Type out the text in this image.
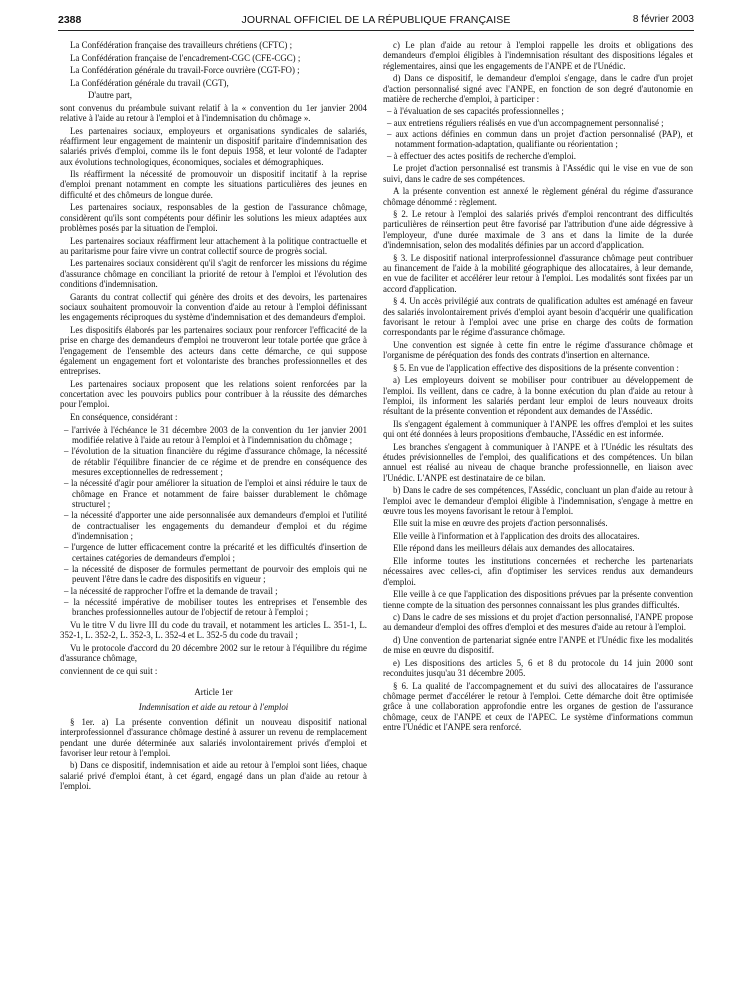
2388	JOURNAL OFFICIEL DE LA RÉPUBLIQUE FRANÇAISE	8 février 2003

La Confédération française des travailleurs chrétiens (CFTC) ;

La Confédération française de l'encadrement-CGC (CFE-CGC) ;

La Confédération générale du travail-Force ouvrière (CGT-FO) ;

La Confédération générale du travail (CGT),

D'autre part,

sont convenus du préambule suivant relatif à la « convention du 1er janvier 2004 relative à l'aide au retour à l'emploi et à l'indemnisation du chômage ».

Les partenaires sociaux, employeurs et organisations syndicales de salariés, réaffirment leur engagement de maintenir un dispositif paritaire d'indemnisation des salariés privés d'emploi, comme ils le font depuis 1958, et leur volonté de l'adapter aux évolutions technologiques, économiques, sociales et démographiques.

Ils réaffirment la nécessité de promouvoir un dispositif incitatif à la reprise d'emploi prenant notamment en compte les situations particulières des jeunes en difficulté et des chômeurs de longue durée.

Les partenaires sociaux, responsables de la gestion de l'assurance chômage, considèrent qu'ils sont compétents pour définir les solutions les mieux adaptées aux problèmes posés par la situation de l'emploi.

Les partenaires sociaux réaffirment leur attachement à la politique contractuelle et au paritarisme pour faire vivre un contrat collectif source de progrès social.

Les partenaires sociaux considèrent qu'il s'agit de renforcer les missions du régime d'assurance chômage en conciliant la priorité de retour à l'emploi et l'évolution des conditions d'indemnisation.

Garants du contrat collectif qui génère des droits et des devoirs, les partenaires sociaux souhaitent promouvoir la convention d'aide au retour à l'emploi définissant les engagements réciproques du système d'indemnisation et des demandeurs d'emploi.

Les dispositifs élaborés par les partenaires sociaux pour renforcer l'efficacité de la prise en charge des demandeurs d'emploi ne trouveront leur totale portée que grâce à l'engagement de l'ensemble des acteurs dans cette démarche, ce qui suppose également un engagement fort et volontariste des branches professionnelles et des entreprises.

Les partenaires sociaux proposent que les relations soient renforcées par la concertation avec les pouvoirs publics pour contribuer à la réussite des démarches pour l'emploi.

En conséquence, considérant :

– l'arrivée à l'échéance le 31 décembre 2003 de la convention du 1er janvier 2001 modifiée relative à l'aide au retour à l'emploi et à l'indemnisation du chômage ;
– l'évolution de la situation financière du régime d'assurance chômage, la nécessité de rétablir l'équilibre financier de ce régime et de prendre en conséquence des mesures exceptionnelles de redressement ;
– la nécessité d'agir pour améliorer la situation de l'emploi et ainsi réduire le taux de chômage en France et notamment de faire baisser durablement le chômage structurel ;
– la nécessité d'apporter une aide personnalisée aux demandeurs d'emploi et l'utilité de contractualiser les engagements du demandeur d'emploi et du régime d'indemnisation ;
– l'urgence de lutter efficacement contre la précarité et les difficultés d'insertion de certaines catégories de demandeurs d'emploi ;
– la nécessité de disposer de formules permettant de pourvoir des emplois qui ne peuvent l'être dans le cadre des dispositifs en vigueur ;
– la nécessité de rapprocher l'offre et la demande de travail ;
– la nécessité impérative de mobiliser toutes les entreprises et l'ensemble des branches professionnelles autour de l'objectif de retour à l'emploi ;

Vu le titre V du livre III du code du travail, et notamment les articles L. 351-1, L. 352-1, L. 352-2, L. 352-3, L. 352-4 et L. 352-5 du code du travail ;

Vu le protocole d'accord du 20 décembre 2002 sur le retour à l'équilibre du régime d'assurance chômage,

conviennent de ce qui suit :

Article 1er

Indemnisation et aide au retour à l'emploi

§ 1er. a) La présente convention définit un nouveau dispositif national interprofessionnel d'assurance chômage destiné à assurer un revenu de remplacement pendant une durée déterminée aux salariés involontairement privés d'emploi et favoriser leur retour à l'emploi.

b) Dans ce dispositif, indemnisation et aide au retour à l'emploi sont liées, chaque salarié privé d'emploi étant, à cet égard, engagé dans un plan d'aide au retour à l'emploi.

c) Le plan d'aide au retour à l'emploi rappelle les droits et obligations des demandeurs d'emploi éligibles à l'indemnisation résultant des dispositions légales et réglementaires, ainsi que les engagements de l'ANPE et de l'Unédic.

d) Dans ce dispositif, le demandeur d'emploi s'engage, dans le cadre d'un projet d'action personnalisé signé avec l'ANPE, en fonction de son degré d'autonomie en matière de recherche d'emploi, à participer :

– à l'évaluation de ses capacités professionnelles ;
– aux entretiens réguliers réalisés en vue d'un accompagnement personnalisé ;
– aux actions définies en commun dans un projet d'action personnalisé (PAP), et notamment formation-adaptation, qualifiante ou réorientation ;
– à effectuer des actes positifs de recherche d'emploi.

Le projet d'action personnalisé est transmis à l'Assédic qui le vise en vue de son suivi, dans le cadre de ses compétences.

A la présente convention est annexé le règlement général du régime d'assurance chômage dénommé : règlement.

§ 2. Le retour à l'emploi des salariés privés d'emploi rencontrant des difficultés particulières de réinsertion peut être favorisé par l'attribution d'une aide dégressive à l'employeur, d'une durée maximale de 3 ans et dans la limite de la durée d'indemnisation, selon des modalités définies par un accord d'application.

§ 3. Le dispositif national interprofessionnel d'assurance chômage peut contribuer au financement de l'aide à la mobilité géographique des allocataires, à leur demande, en vue de faciliter et accélérer leur retour à l'emploi. Les modalités sont fixées par un accord d'application.

§ 4. Un accès privilégié aux contrats de qualification adultes est aménagé en faveur des salariés involontairement privés d'emploi ayant besoin d'acquérir une qualification favorisant le retour à l'emploi avec une prise en charge des coûts de formation correspondants par le régime d'assurance chômage.

Une convention est signée à cette fin entre le régime d'assurance chômage et l'organisme de péréquation des fonds des contrats d'insertion en alternance.

§ 5. En vue de l'application effective des dispositions de la présente convention :

a) Les employeurs doivent se mobiliser pour contribuer au développement de l'emploi. Ils veillent, dans ce cadre, à la bonne exécution du plan d'aide au retour à l'emploi, ils informent les salariés perdant leur emploi de leurs nouveaux droits résultant de la présente convention et répondent aux demandes de l'Assédic.

Ils s'engagent également à communiquer à l'ANPE les offres d'emploi et les suites qui ont été données à leurs propositions d'embauche, l'Assédic en est informée.

Les branches s'engagent à communiquer à l'ANPE et à l'Unédic les résultats des études prévisionnelles de l'emploi, des qualifications et des compétences. Un bilan annuel est réalisé au niveau de chaque branche professionnelle, en liaison avec l'Unédic. L'ANPE est destinataire de ce bilan.

b) Dans le cadre de ses compétences, l'Assédic, concluant un plan d'aide au retour à l'emploi avec le demandeur d'emploi éligible à l'indemnisation, s'engage à mettre en œuvre tous les moyens favorisant le retour à l'emploi.

Elle suit la mise en œuvre des projets d'action personnalisés.

Elle veille à l'information et à l'application des droits des allocataires.

Elle répond dans les meilleurs délais aux demandes des allocataires.

Elle informe toutes les institutions concernées et recherche les partenariats nécessaires avec celles-ci, afin d'optimiser les services rendus aux demandeurs d'emploi.

Elle veille à ce que l'application des dispositions prévues par la présente convention tienne compte de la situation des personnes connaissant les plus grandes difficultés.

c) Dans le cadre de ses missions et du projet d'action personnalisé, l'ANPE propose au demandeur d'emploi des offres d'emploi et des mesures d'aide au retour à l'emploi.

d) Une convention de partenariat signée entre l'ANPE et l'Unédic fixe les modalités de mise en œuvre du dispositif.

e) Les dispositions des articles 5, 6 et 8 du protocole du 14 juin 2000 sont reconduites jusqu'au 31 décembre 2005.

§ 6. La qualité de l'accompagnement et du suivi des allocataires de l'assurance chômage permet d'accélérer le retour à l'emploi. Cette démarche doit être optimisée grâce à une collaboration approfondie entre les organes de gestion de l'assurance chômage, ceux de l'ANPE et ceux de l'APEC. Le système d'informations commun entre l'Unédic et l'ANPE sera renforcé.
